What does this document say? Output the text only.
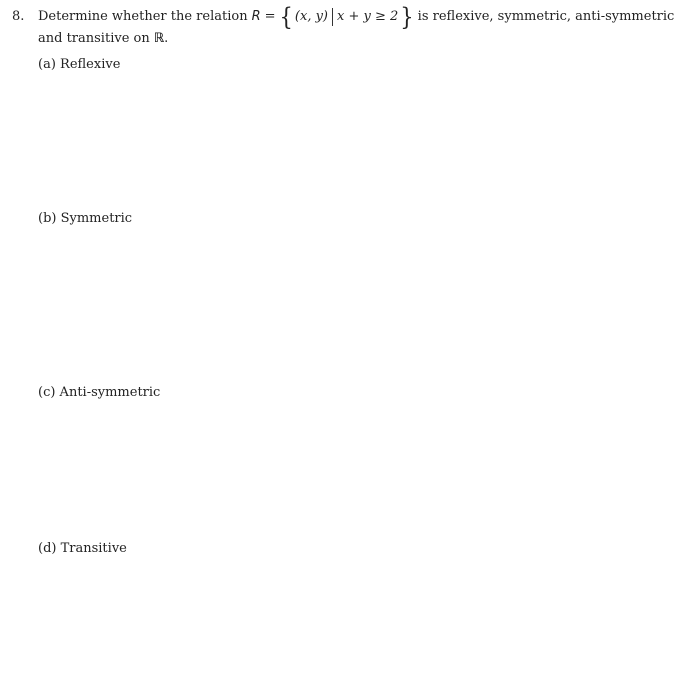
8.	Determine whether the relation R = { (x, y) x + y ≥ 2 } is reflexive, symmetric, anti-symmetric
and transitive on ℝ .
(a) Reflexive
(b) Symmetric
(c) Anti-symmetric
(d) Transitive
